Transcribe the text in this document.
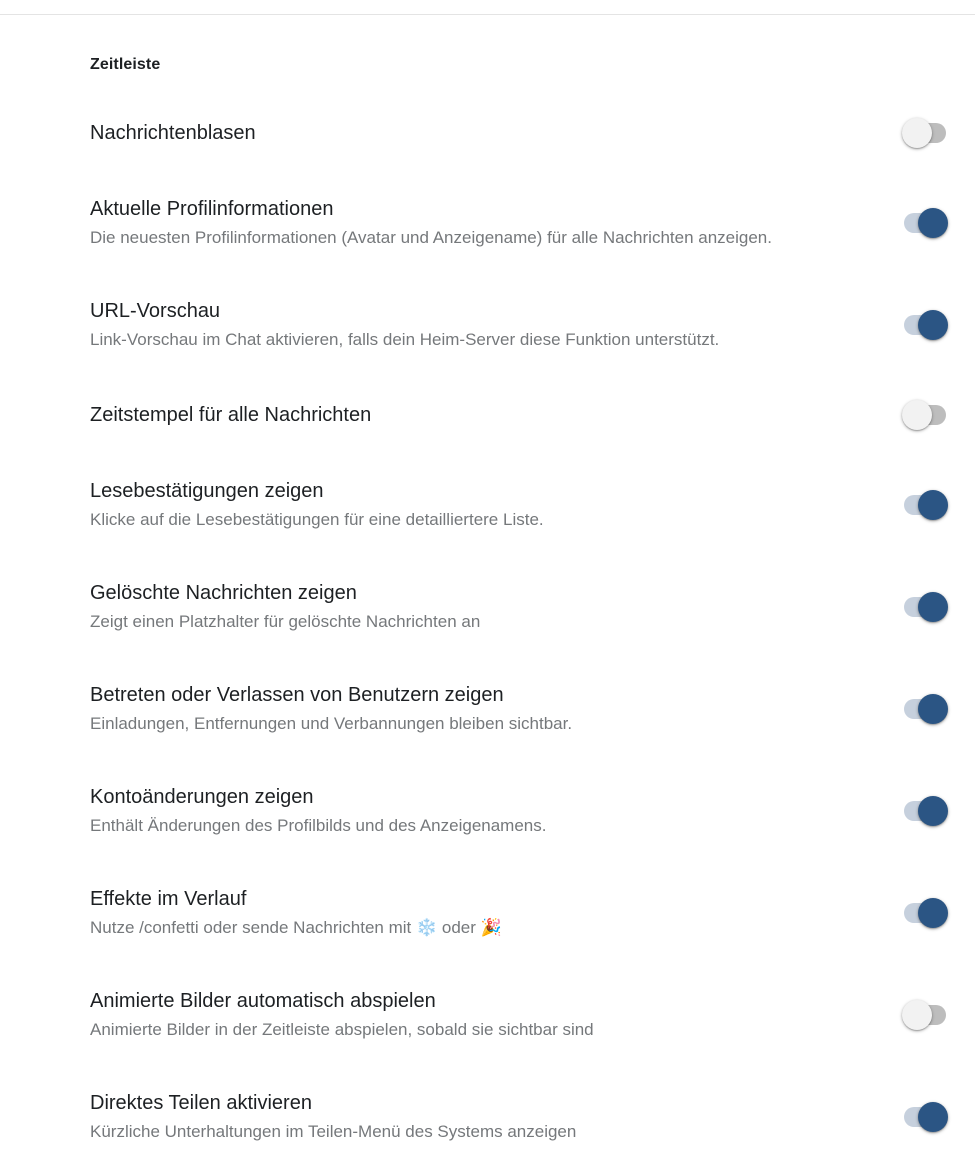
Zeitleiste
Nachrichtenblasen
Aktuelle Profilinformationen
Die neuesten Profilinformationen (Avatar und Anzeigename) für alle Nachrichten anzeigen.
URL-Vorschau
Link-Vorschau im Chat aktivieren, falls dein Heim-Server diese Funktion unterstützt.
Zeitstempel für alle Nachrichten
Lesebestätigungen zeigen
Klicke auf die Lesebestätigungen für eine detailliertere Liste.
Gelöschte Nachrichten zeigen
Zeigt einen Platzhalter für gelöschte Nachrichten an
Betreten oder Verlassen von Benutzern zeigen
Einladungen, Entfernungen und Verbannungen bleiben sichtbar.
Kontoänderungen zeigen
Enthält Änderungen des Profilbilds und des Anzeigenamens.
Effekte im Verlauf
Nutze /confetti oder sende Nachrichten mit ❄️ oder 🎉
Animierte Bilder automatisch abspielen
Animierte Bilder in der Zeitleiste abspielen, sobald sie sichtbar sind
Direktes Teilen aktivieren
Kürzliche Unterhaltungen im Teilen-Menü des Systems anzeigen
